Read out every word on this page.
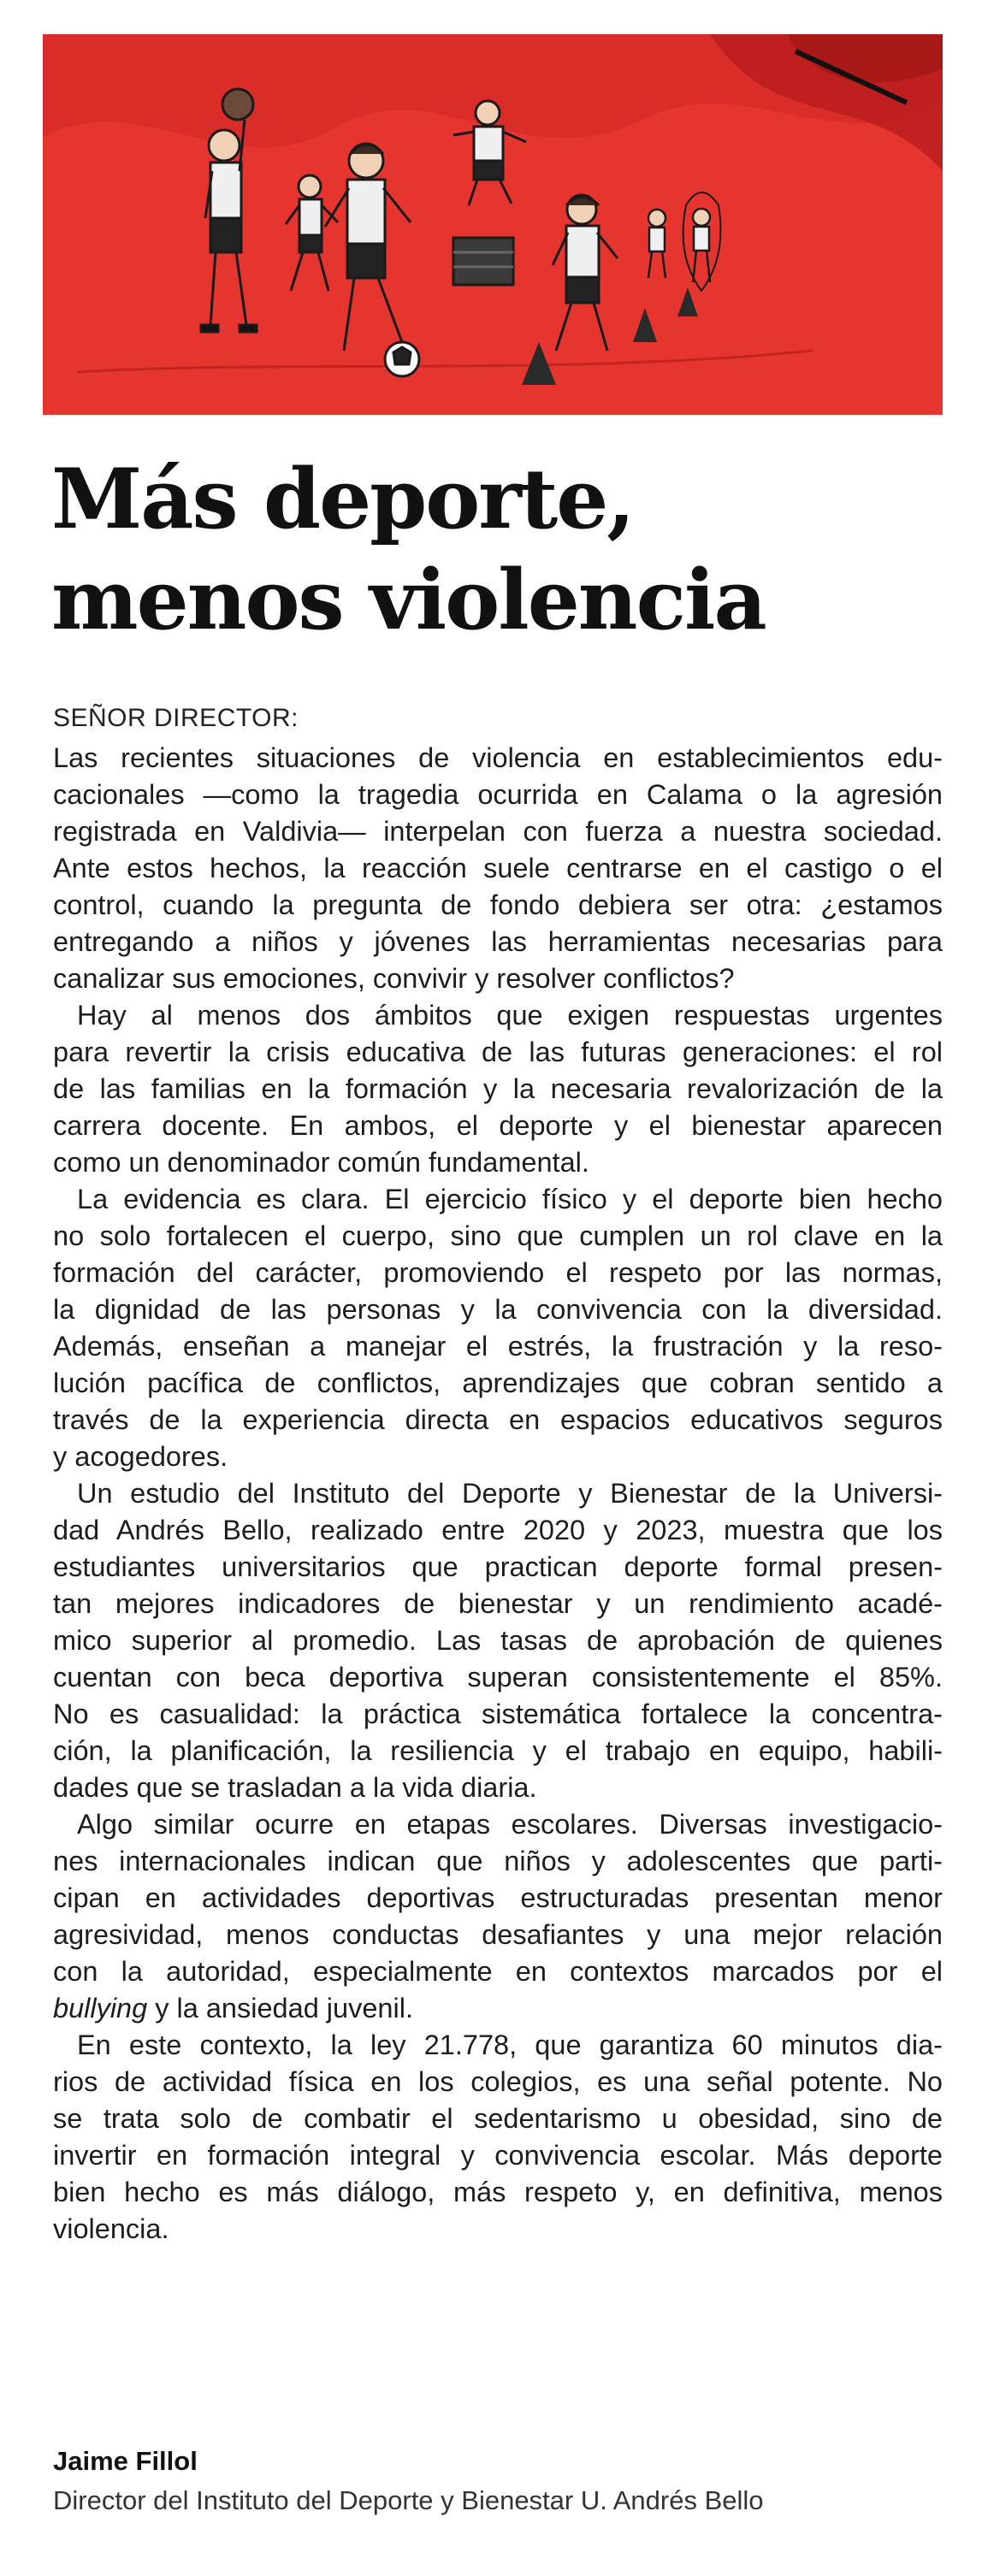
Más deporte,
menos violencia
SEÑOR DIRECTOR:

Las recientes situaciones de violencia en establecimientos edu-
cacionales —como la tragedia ocurrida en Calama o la agresión
registrada en Valdivia— interpelan con fuerza a nuestra sociedad.
Ante estos hechos, la reacción suele centrarse en el castigo o el
control, cuando la pregunta de fondo debiera ser otra: ¿estamos
entregando a niños y jóvenes las herramientas necesarias para
canalizar sus emociones, convivir y resolver conflictos?

Hay al menos dos ámbitos que exigen respuestas urgentes
para revertir la crisis educativa de las futuras generaciones: el rol
de las familias en la formación y la necesaria revalorización de la
carrera docente. En ambos, el deporte y el bienestar aparecen
como un denominador común fundamental.

La evidencia es clara. El ejercicio físico y el deporte bien hecho
no solo fortalecen el cuerpo, sino que cumplen un rol clave en la
formación del carácter, promoviendo el respeto por las normas,
la dignidad de las personas y la convivencia con la diversidad.
Además, enseñan a manejar el estrés, la frustración y la reso-
lución pacífica de conflictos, aprendizajes que cobran sentido a
través de la experiencia directa en espacios educativos seguros
y acogedores.

Un estudio del Instituto del Deporte y Bienestar de la Universi-
dad Andrés Bello, realizado entre 2020 y 2023, muestra que los
estudiantes universitarios que practican deporte formal presen-
tan mejores indicadores de bienestar y un rendimiento acadé-
mico superior al promedio. Las tasas de aprobación de quienes
cuentan con beca deportiva superan consistentemente el 85%.
No es casualidad: la práctica sistemática fortalece la concentra-
ción, la planificación, la resiliencia y el trabajo en equipo, habili-
dades que se trasladan a la vida diaria.

Algo similar ocurre en etapas escolares. Diversas investigacio-
nes internacionales indican que niños y adolescentes que parti-
cipan en actividades deportivas estructuradas presentan menor
agresividad, menos conductas desafiantes y una mejor relación
con la autoridad, especialmente en contextos marcados por el
bullying y la ansiedad juvenil.

En este contexto, la ley 21.778, que garantiza 60 minutos dia-
rios de actividad física en los colegios, es una señal potente. No
se trata solo de combatir el sedentarismo u obesidad, sino de
invertir en formación integral y convivencia escolar. Más deporte
bien hecho es más diálogo, más respeto y, en definitiva, menos
violencia.

Jaime Fillol
Director del Instituto del Deporte y Bienestar U. Andrés Bello
